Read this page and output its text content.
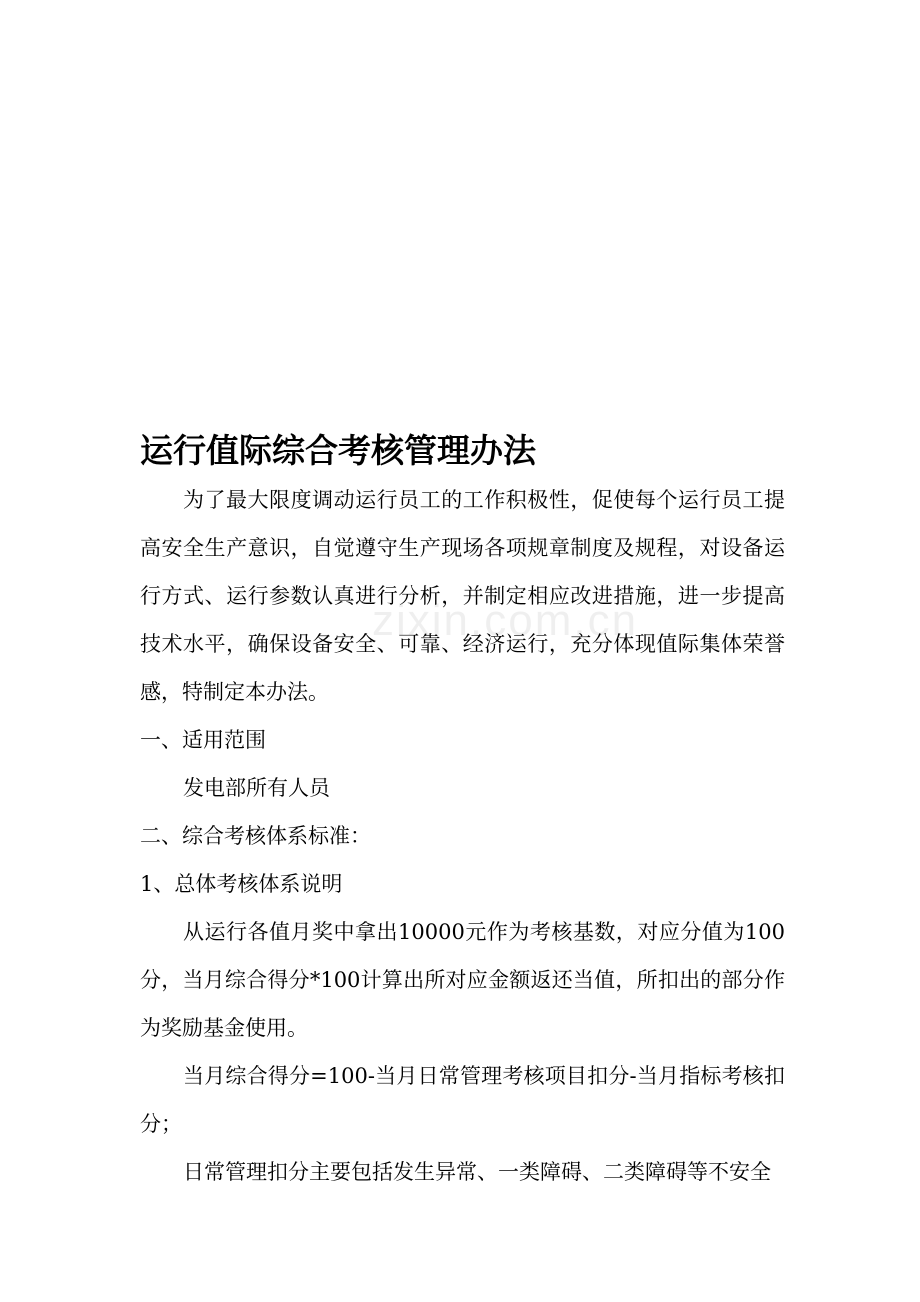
zixin.com.cn
运行值际综合考核管理办法

为了最大限度调动运行员工的工作积极性，促使每个运行员工提高安全生产意识，自觉遵守生产现场各项规章制度及规程，对设备运行方式、运行参数认真进行分析，并制定相应改进措施，进一步提高技术水平，确保设备安全、可靠、经济运行，充分体现值际集体荣誉感，特制定本办法。

一、适用范围

发电部所有人员

二、综合考核体系标准：

1、总体考核体系说明

从运行各值月奖中拿出10000元作为考核基数，对应分值为100分，当月综合得分*100计算出所对应金额返还当值，所扣出的部分作为奖励基金使用。

当月综合得分=100-当月日常管理考核项目扣分-当月指标考核扣分；

日常管理扣分主要包括发生异常、一类障碍、二类障碍等不安全
